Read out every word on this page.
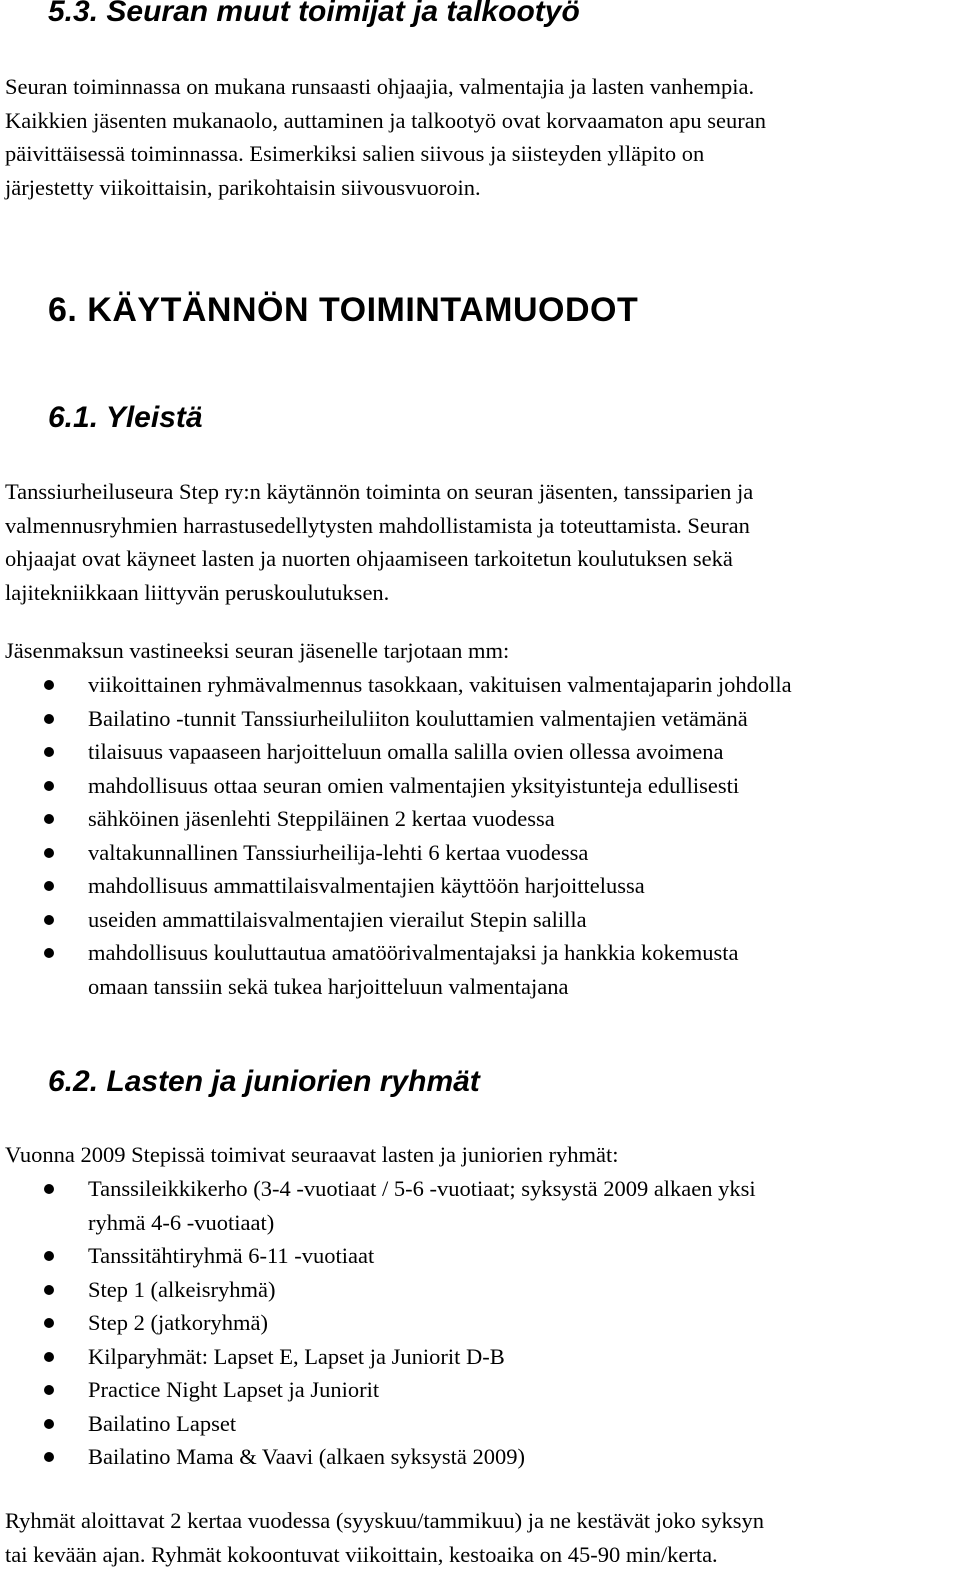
5.3. Seuran muut toimijat ja talkootyö

Seuran toiminnassa on mukana runsaasti ohjaajia, valmentajia ja lasten vanhempia.
Kaikkien jäsenten mukanaolo, auttaminen ja talkootyö ovat korvaamaton apu seuran
päivittäisessä toiminnassa. Esimerkiksi salien siivous ja siisteyden ylläpito on
järjestetty viikoittaisin, parikohtaisin siivousvuoroin.

6. KÄYTÄNNÖN TOIMINTAMUODOT
6.1. Yleistä

Tanssiurheiluseura Step ry:n käytännön toiminta on seuran jäsenten, tanssiparien ja
valmennusryhmien harrastusedellytysten mahdollistamista ja toteuttamista. Seuran
ohjaajat ovat käyneet lasten ja nuorten ohjaamiseen tarkoitetun koulutuksen sekä
lajitekniikkaan liittyvän peruskoulutuksen.

Jäsenmaksun vastineeksi seuran jäsenelle tarjotaan mm:

viikoittainen ryhmävalmennus tasokkaan, vakituisen valmentajaparin johdolla
Bailatino -tunnit Tanssiurheiluliiton kouluttamien valmentajien vetämänä
tilaisuus vapaaseen harjoitteluun omalla salilla ovien ollessa avoimena
mahdollisuus ottaa seuran omien valmentajien yksityistunteja edullisesti
sähköinen jäsenlehti Steppiläinen 2 kertaa vuodessa
valtakunnallinen Tanssiurheilija-lehti 6 kertaa vuodessa
mahdollisuus ammattilaisvalmentajien käyttöön harjoittelussa
useiden ammattilaisvalmentajien vierailut Stepin salilla
mahdollisuus kouluttautua amatöörivalmentajaksi ja hankkia kokemusta
omaan tanssiin sekä tukea harjoitteluun valmentajana
6.2. Lasten ja juniorien ryhmät

Vuonna 2009 Stepissä toimivat seuraavat lasten ja juniorien ryhmät:

Tanssileikkikerho (3-4 -vuotiaat / 5-6 -vuotiaat; syksystä 2009 alkaen yksi
ryhmä 4-6 -vuotiaat)
Tanssitähtiryhmä 6-11 -vuotiaat
Step 1 (alkeisryhmä)
Step 2 (jatkoryhmä)
Kilparyhmät: Lapset E, Lapset ja Juniorit D-B
Practice Night Lapset ja Juniorit
Bailatino Lapset
Bailatino Mama & Vaavi (alkaen syksystä 2009)

Ryhmät aloittavat 2 kertaa vuodessa (syyskuu/tammikuu) ja ne kestävät joko syksyn
tai kevään ajan. Ryhmät kokoontuvat viikoittain, kestoaika on 45-90 min/kerta.
